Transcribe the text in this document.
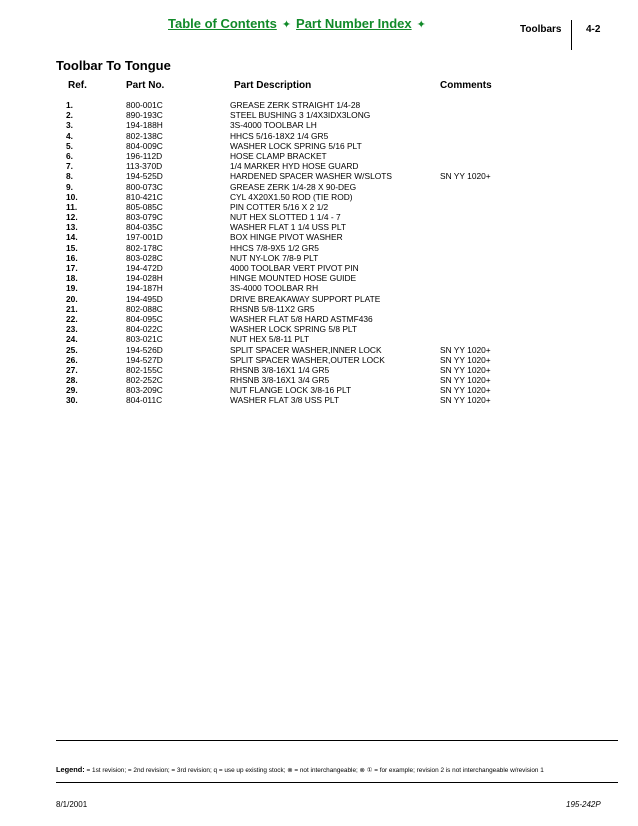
Table of Contents ✦ Part Number Index ✦	Toolbars 4-2
Toolbar To Tongue
Ref.	Part No.	Part Description	Comments
1.	800-001C	GREASE ZERK STRAIGHT 1/4-28
2.	890-193C	STEEL BUSHING 3 1/4X3IDX3LONG
3.	194-188H	3S-4000 TOOLBAR LH
4.	802-138C	HHCS 5/16-18X2 1/4 GR5
5.	804-009C	WASHER LOCK SPRING 5/16 PLT
6.	196-112D	HOSE CLAMP BRACKET
7.	113-370D	1/4 MARKER HYD HOSE GUARD
8.	194-525D	HARDENED SPACER WASHER W/SLOTS	SN YY 1020+
9.	800-073C	GREASE ZERK 1/4-28 X 90-DEG
10.	810-421C	CYL 4X20X1.50 ROD (TIE ROD)
11.	805-085C	PIN COTTER 5/16 X 2 1/2
12.	803-079C	NUT HEX SLOTTED 1 1/4 - 7
13.	804-035C	WASHER FLAT 1 1/4 USS PLT
14.	197-001D	BOX HINGE PIVOT WASHER
15.	802-178C	HHCS 7/8-9X5 1/2 GR5
16.	803-028C	NUT NY-LOK 7/8-9 PLT
17.	194-472D	4000 TOOLBAR VERT PIVOT PIN
18.	194-028H	HINGE MOUNTED HOSE GUIDE
19.	194-187H	3S-4000 TOOLBAR RH
20.	194-495D	DRIVE BREAKAWAY SUPPORT PLATE
21.	802-088C	RHSNB 5/8-11X2 GR5
22.	804-095C	WASHER FLAT 5/8 HARD ASTMF436
23.	804-022C	WASHER LOCK SPRING 5/8 PLT
24.	803-021C	NUT HEX 5/8-11 PLT
25.	194-526D	SPLIT SPACER WASHER,INNER LOCK	SN YY 1020+
26.	194-527D	SPLIT SPACER WASHER,OUTER LOCK	SN YY 1020+
27.	802-155C	RHSNB 3/8-16X1 1/4 GR5	SN YY 1020+
28.	802-252C	RHSNB 3/8-16X1 3/4 GR5	SN YY 1020+
29.	803-209C	NUT FLANGE LOCK 3/8-16 PLT	SN YY 1020+
30.	804-011C	WASHER FLAT 3/8 USS PLT	SN YY 1020+
Legend: = 1st revision; = 2nd revision; = 3rd revision; q = use up existing stock; ⊗ = not interchangeable; ⊗ ① = for example; revision 2 is not interchangeable w/revision 1
8/1/2001	195-242P
